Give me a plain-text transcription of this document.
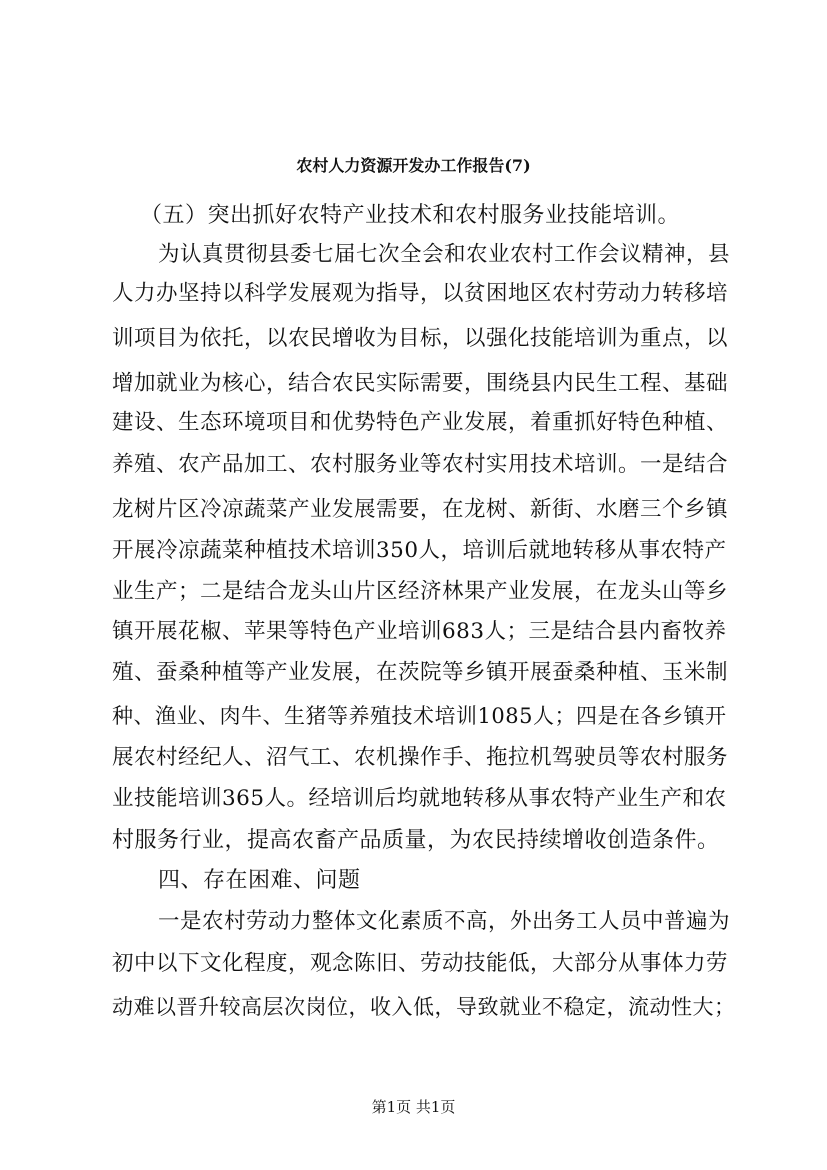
农村人力资源开发办工作报告(7)
（五）突出抓好农特产业技术和农村服务业技能培训。
为认真贯彻县委七届七次全会和农业农村工作会议精神，县
人力办坚持以科学发展观为指导，以贫困地区农村劳动力转移培
训项目为依托，以农民增收为目标，以强化技能培训为重点，以
增加就业为核心，结合农民实际需要，围绕县内民生工程、基础
建设、生态环境项目和优势特色产业发展，着重抓好特色种植、
养殖、农产品加工、农村服务业等农村实用技术培训。一是结合
龙树片区冷凉蔬菜产业发展需要，在龙树、新街、水磨三个乡镇
开展冷凉蔬菜种植技术培训350人，培训后就地转移从事农特产
业生产；二是结合龙头山片区经济林果产业发展，在龙头山等乡
镇开展花椒、苹果等特色产业培训683人；三是结合县内畜牧养
殖、蚕桑种植等产业发展，在茨院等乡镇开展蚕桑种植、玉米制
种、渔业、肉牛、生猪等养殖技术培训1085人；四是在各乡镇开
展农村经纪人、沼气工、农机操作手、拖拉机驾驶员等农村服务
业技能培训365人。经培训后均就地转移从事农特产业生产和农
村服务行业，提高农畜产品质量，为农民持续增收创造条件。
四、存在困难、问题
一是农村劳动力整体文化素质不高，外出务工人员中普遍为
初中以下文化程度，观念陈旧、劳动技能低，大部分从事体力劳
动难以晋升较高层次岗位，收入低，导致就业不稳定，流动性大；
第1页 共1页
